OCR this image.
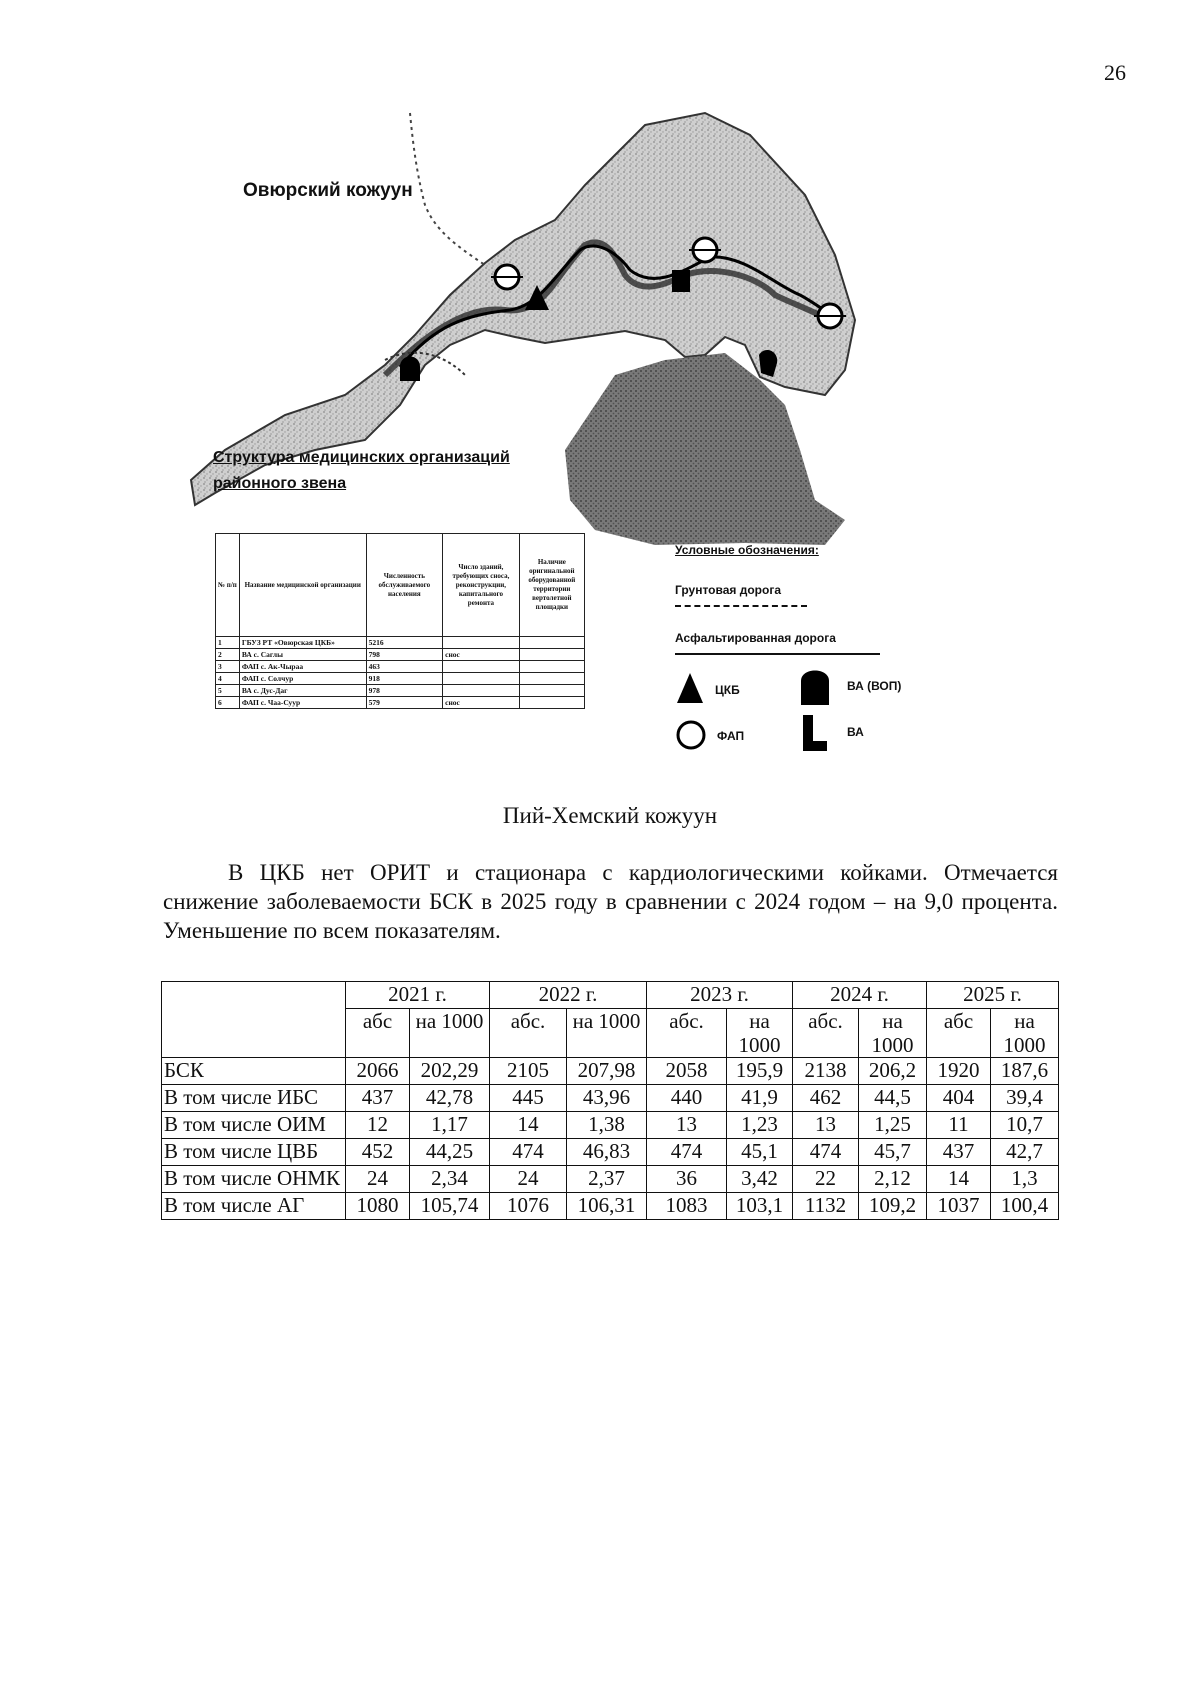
26
Овюрский кожуун
Структура медицинских организаций районного звена
№ п/п	Название медицинской организации	Численность обслуживаемого населения	Число зданий, требующих сноса, реконструкции, капитального ремонта	Наличие оригинальной оборудованной территории вертолетной площадки
1	ГБУЗ РТ «Овюрская ЦКБ»	5216		
2	ВА с. Саглы	798	снос	
3	ФАП с. Ак-Чыраа	463		
4	ФАП с. Солчур	918		
5	ВА с. Дус-Даг	978		
6	ФАП с. Чаа-Суур	579	снос	
Условные обозначения:
Грунтовая дорога
Асфальтированная дорога
ЦКБ	ВА (ВОП)
ФАП	ВА
Пий-Хемский кожуун
В ЦКБ нет ОРИТ и стационара с кардиологическими койками. Отмечается снижение заболеваемости БСК в 2025 году в сравнении с 2024 годом – на 9,0 процента. Уменьшение по всем показателям.
	2021 г.		2022 г.		2023 г.		2024 г.		2025 г.	
	абс	на 1000	абс.	на 1000	абс.	на 1000	абс.	на 1000	абс	на 1000
БСК	2066	202,29	2105	207,98	2058	195,9	2138	206,2	1920	187,6
В том числе ИБС	437	42,78	445	43,96	440	41,9	462	44,5	404	39,4
В том числе ОИМ	12	1,17	14	1,38	13	1,23	13	1,25	11	10,7
В том числе ЦВБ	452	44,25	474	46,83	474	45,1	474	45,7	437	42,7
В том числе ОНМК	24	2,34	24	2,37	36	3,42	22	2,12	14	1,3
В том числе АГ	1080	105,74	1076	106,31	1083	103,1	1132	109,2	1037	100,4
